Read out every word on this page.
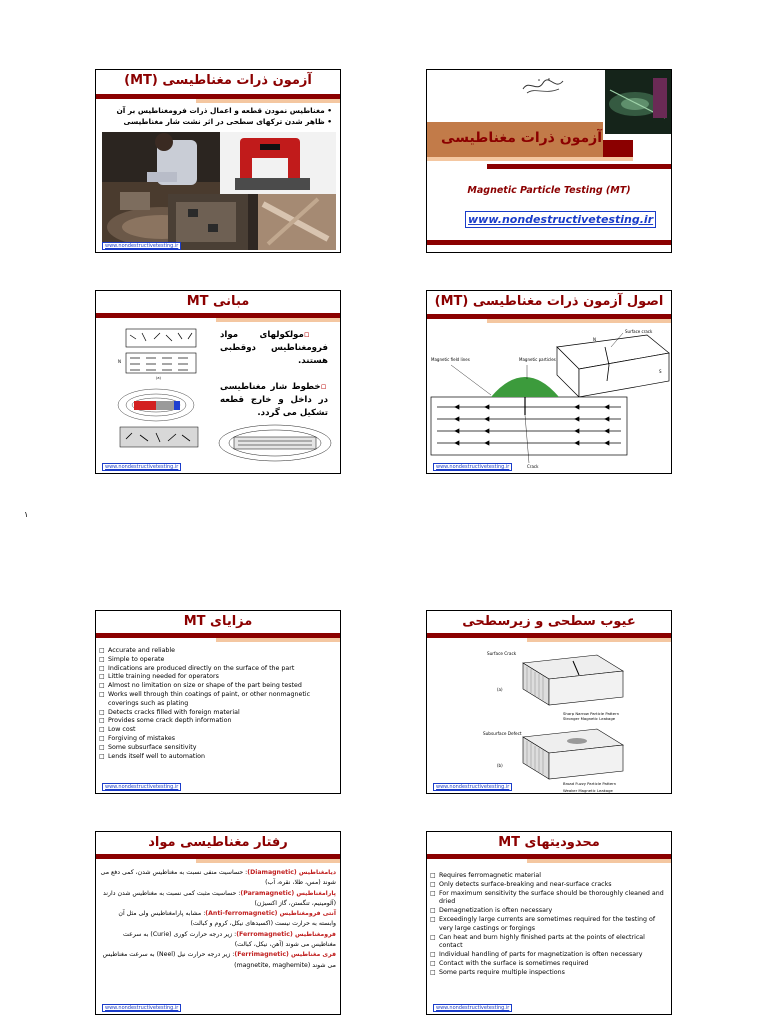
آزمون ذرات مغناطیسی (MT)
• مغناطیس نمودن قطعه و اعمال ذرات فرومغناطیس بر آن
• ظاهر شدن ترکهای سطحی در اثر نشت شار مغناطیسی
www.nondestructivetesting.ir
آزمون ذرات مغناطیسی
Magnetic Particle Testing (MT)
www.nondestructivetesting.ir
مبانی MT
N
(a)
▫مولکولهای مواد فرومغناطیس دوقطبی هستند.
▫خطوط شار مغناطیسی در داخل و خارج قطعه تشکیل می گردد.
www.nondestructivetesting.ir
اصول آزمون ذرات مغناطیسی (MT)
Surface crack
N
S
Magnetic field lines	Magnetic particles
Crack
www.nondestructivetesting.ir
۱
مزایای MT
□ Accurate and reliable
□ Simple to operate
□ Indications are produced directly on the surface of the part
□ Little training needed for operators
□ Almost no limitation on size or shape of the part being tested
□ Works well through thin coatings of paint, or other nonmagnetic coverings such as plating
□ Detects cracks filled with foreign material
□ Provides some crack depth information
□ Low cost
□ Forgiving of mistakes
□ Some subsurface sensitivity
□ Lends itself well to automation
www.nondestructivetesting.ir
عیوب سطحی و زیرسطحی
Surface Crack
(a)
Sharp Narrow Particle Pattern
Stronger Magnetic Leakage
Subsurface Defect
(b)
Broad Fuzzy Particle Pattern
Weaker Magnetic Leakage
www.nondestructivetesting.ir
رفتار مغناطیسی مواد
دیامغناطیس (Diamagnetic): حساسیت منفی نسبت به مغناطیس شدن، کمی دفع می شوند (مس، طلا، نقره، آب)
پارامغناطیس (Paramagnetic): حساسیت مثبت کمی نسبت به مغناطیس شدن دارند (آلومینیم، تنگستن، گاز اکسیژن)
آنتی فرومغناطیس (Anti-ferromagnetic): مشابه پارامغناطیس ولی مثل آن وابسته به حرارت نیست (اکسیدهای نیکل، کروم و کبالت)
فرومغناطیس (Ferromagnetic): زیر درجه حرارت کوری (Curie) به سرعت مغناطیس می شوند (آهن، نیکل، کبالت)
فری مغناطیس (Ferrimagnetic): زیر درجه حرارت نیل (Neel) به سرعت مغناطیس می شوند (magnetite, maghemite)
www.nondestructivetesting.ir
محدودیتهای MT
□ Requires ferromagnetic material
□ Only detects surface-breaking and near-surface cracks
□ For maximum sensitivity the surface should be thoroughly cleaned and dried
□ Demagnetization is often necessary
□ Exceedingly large currents are sometimes required for the testing of very large castings or forgings
□ Can heat and burn highly finished parts at the points of electrical contact
□ Individual handling of parts for magnetization is often necessary
□ Contact with the surface is sometimes required
□ Some parts require multiple inspections
www.nondestructivetesting.ir
